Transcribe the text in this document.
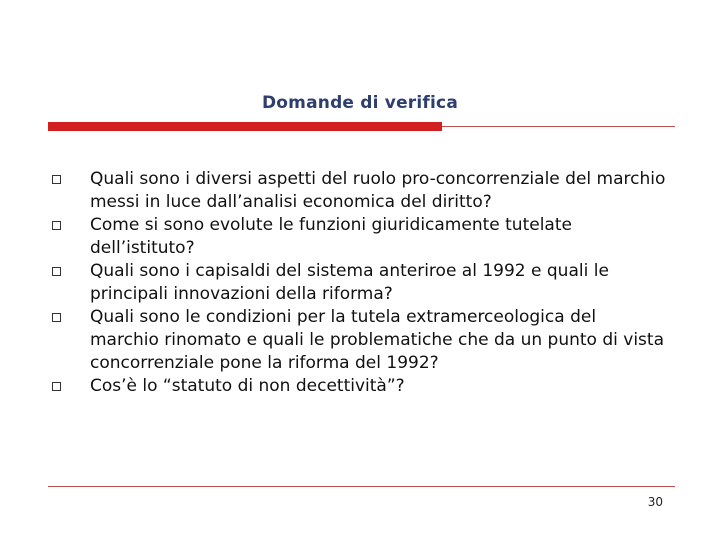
Domande di verifica
Quali sono i diversi aspetti del ruolo pro-concorrenziale del marchio messi in luce dall’analisi economica del diritto?
Come si sono evolute le funzioni giuridicamente tutelate dell’istituto?
Quali sono i capisaldi del sistema anteriroe al 1992 e quali le principali innovazioni della riforma?
Quali sono le condizioni per la tutela extramerceologica del marchio rinomato e quali le problematiche che da un punto di vista concorrenziale pone la riforma del 1992?
Cos’è lo “statuto di non decettività”?
30
